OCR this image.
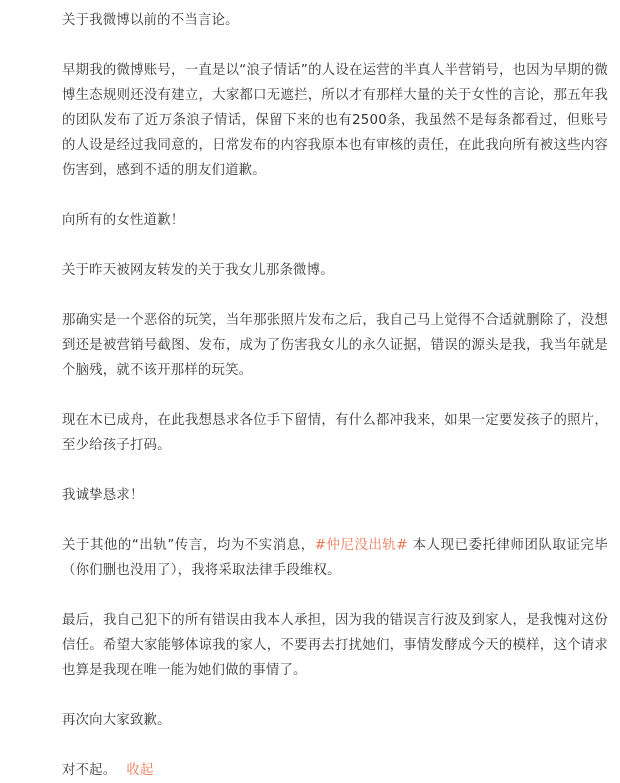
关于我微博以前的不当言论。

早期我的微博账号，一直是以“浪子情话”的人设在运营的半真人半营销号，也因为早期的微博生态规则还没有建立，大家都口无遮拦，所以才有那样大量的关于女性的言论，那五年我的团队发布了近万条浪子情话，保留下来的也有2500条，我虽然不是每条都看过，但账号的人设是经过我同意的，日常发布的内容我原本也有审核的责任，在此我向所有被这些内容伤害到，感到不适的朋友们道歉。

向所有的女性道歉！

关于昨天被网友转发的关于我女儿那条微博。

那确实是一个恶俗的玩笑，当年那张照片发布之后，我自己马上觉得不合适就删除了，没想到还是被营销号截图、发布，成为了伤害我女儿的永久证据，错误的源头是我，我当年就是个脑残，就不该开那样的玩笑。

现在木已成舟，在此我想恳求各位手下留情，有什么都冲我来，如果一定要发孩子的照片，至少给孩子打码。

我诚挚恳求！

关于其他的“出轨”传言，均为不实消息，#仲尼没出轨# 本人现已委托律师团队取证完毕（你们删也没用了），我将采取法律手段维权。

最后，我自己犯下的所有错误由我本人承担，因为我的错误言行波及到家人，是我愧对这份信任。希望大家能够体谅我的家人，不要再去打扰她们，事情发酵成今天的模样，这个请求也算是我现在唯一能为她们做的事情了。

再次向大家致歉。

对不起。 收起
